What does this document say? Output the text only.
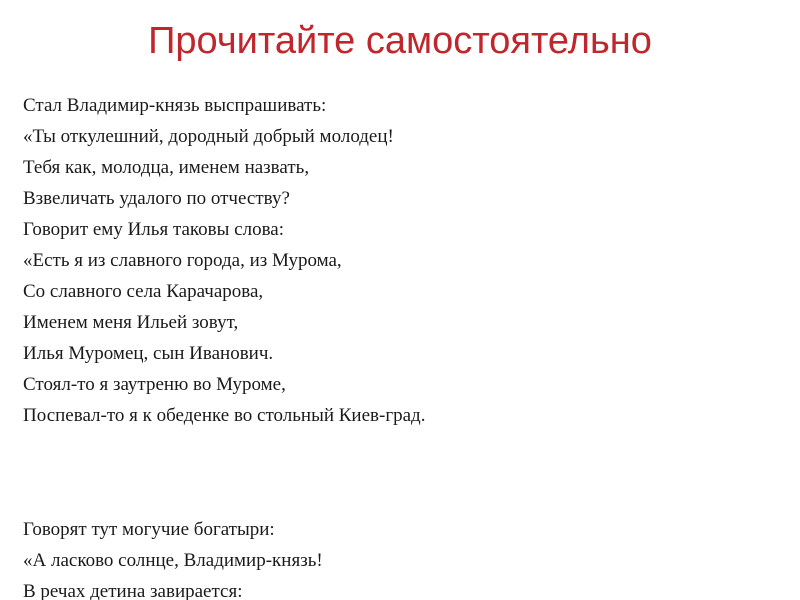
Прочитайте самостоятельно
Стал Владимир-князь выспрашивать:
«Ты откулешний, дородный добрый молодец!
Тебя как, молодца, именем назвать,
Взвеличать удалого по отчеству?
Говорит ему Илья таковы слова:
«Есть я из славного города, из Мурома,
Со славного села Карачарова,
Именем меня Ильей зовут,
Илья Муромец, сын Иванович.
Стоял-то я заутреню во Муроме,
Поспевал-то я к обеденке во стольный Киев-град.
Говорят тут могучие богатыри:
«А ласково солнце, Владимир-князь!
В речах детина завирается:
